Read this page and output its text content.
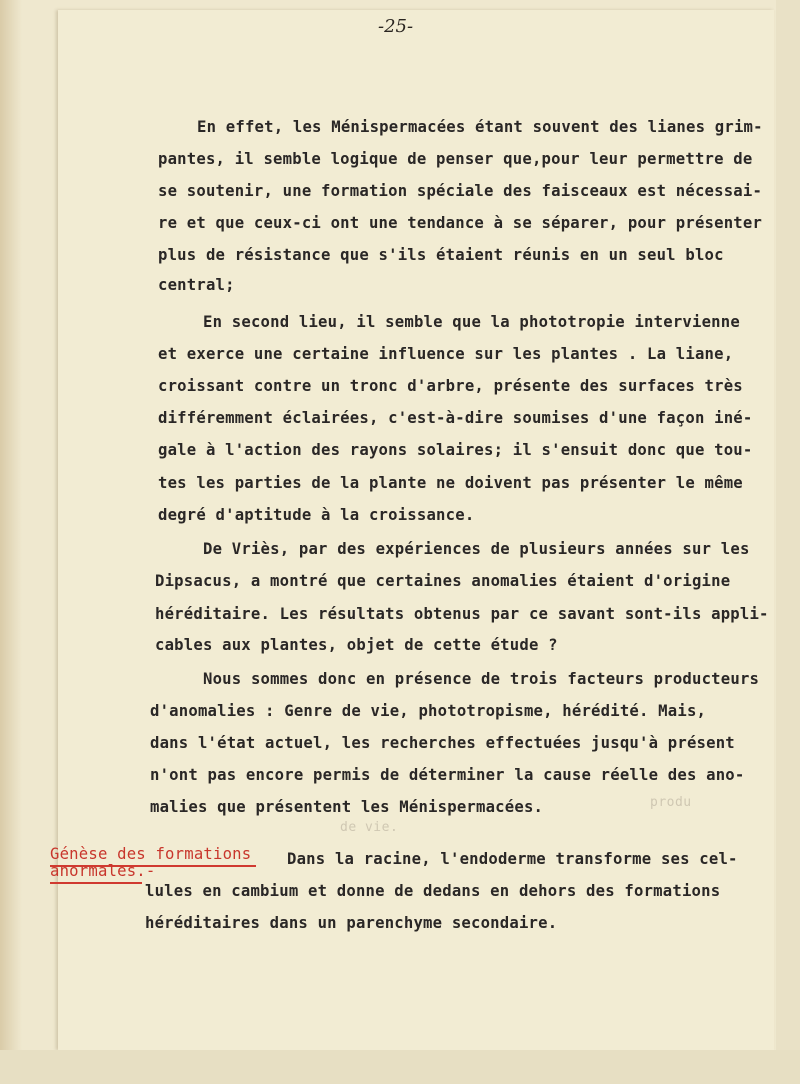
-25-
En effet, les Ménispermacées étant souvent des lianes grim-
pantes, il semble logique de penser que,pour leur permettre de
se soutenir, une formation spéciale des faisceaux est nécessai-
re et que ceux-ci ont une tendance à se séparer, pour présenter
plus de résistance que s'ils étaient réunis en un seul bloc
central;
En second lieu, il semble que la phototropie intervienne
et exerce une certaine influence sur les plantes . La liane,
croissant contre un tronc d'arbre, présente des surfaces très
différemment éclairées, c'est-à-dire soumises d'une façon iné-
gale à l'action des rayons solaires; il s'ensuit donc que tou-
tes les parties de la plante ne doivent pas présenter le même
degré d'aptitude à la croissance.
De Vriès, par des expériences de plusieurs années sur les
Dipsacus, a montré que certaines anomalies étaient d'origine
héréditaire. Les résultats obtenus par ce savant sont-ils appli-
cables aux plantes, objet de cette étude ?
Nous sommes donc en présence de trois facteurs producteurs
d'anomalies : Genre de vie, phototropisme, hérédité. Mais,
dans l'état actuel, les recherches effectuées jusqu'à présent
n'ont pas encore permis de déterminer la cause réelle des ano-
malies que présentent les Ménispermacées.	produ
de vie.
Génèse des formations
anormales.-
Dans la racine, l'endoderme transforme ses cel-
lules en cambium et donne de dedans en dehors des formations
héréditaires dans un parenchyme secondaire.
